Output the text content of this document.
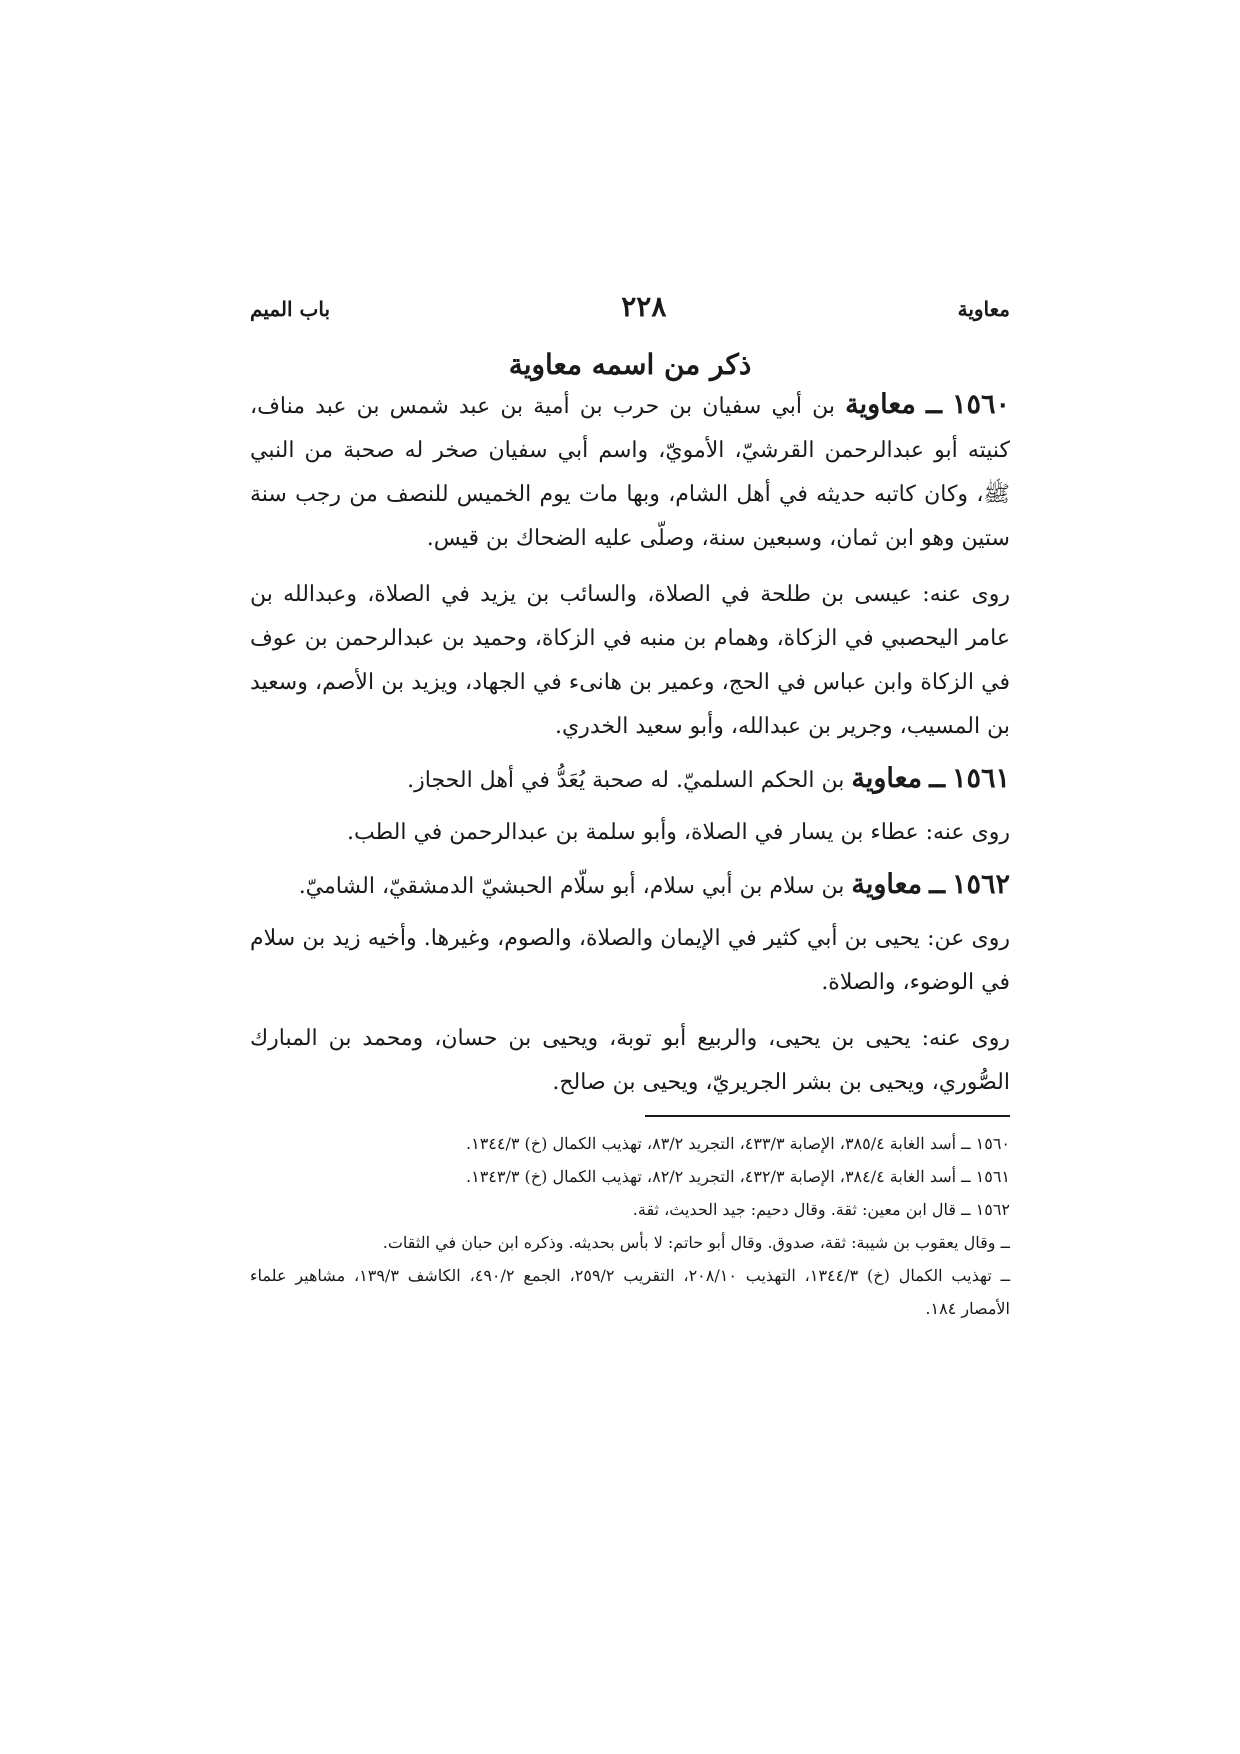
معاوية
٢٢٨
باب الميم
ذكر من اسمه معاوية

١٥٦٠ ــ معاوية بن أبي سفيان بن حرب بن أمية بن عبد شمس بن عبد مناف، كنيته أبو عبدالرحمن القرشيّ، الأمويّ، واسم أبي سفيان صخر له صحبة من النبي ﷺ، وكان كاتبه حديثه في أهل الشام، وبها مات يوم الخميس للنصف من رجب سنة ستين وهو ابن ثمان، وسبعين سنة، وصلّى عليه الضحاك بن قيس.

روى عنه: عيسى بن طلحة في الصلاة، والسائب بن يزيد في الصلاة، وعبدالله بن عامر اليحصبي في الزكاة، وهمام بن منبه في الزكاة، وحميد بن عبدالرحمن بن عوف في الزكاة وابن عباس في الحج، وعمير بن هانىء في الجهاد، ويزيد بن الأصم، وسعيد بن المسيب، وجرير بن عبدالله، وأبو سعيد الخدري.

١٥٦١ ــ معاوية بن الحكم السلميّ. له صحبة يُعَدُّ في أهل الحجاز.

روى عنه: عطاء بن يسار في الصلاة، وأبو سلمة بن عبدالرحمن في الطب.

١٥٦٢ ــ معاوية بن سلام بن أبي سلام، أبو سلّام الحبشيّ الدمشقيّ، الشاميّ.

روى عن: يحيى بن أبي كثير في الإيمان والصلاة، والصوم، وغيرها. وأخيه زيد بن سلام في الوضوء، والصلاة.

روى عنه: يحيى بن يحيى، والربيع أبو توبة، ويحيى بن حسان، ومحمد بن المبارك الصُّوري، ويحيى بن بشر الجريريّ، ويحيى بن صالح.

١٥٦٠ ــ أسد الغابة ٣٨٥/٤، الإصابة ٤٣٣/٣، التجريد ٨٣/٢، تهذيب الكمال (خ) ١٣٤٤/٣.

١٥٦١ ــ أسد الغابة ٣٨٤/٤، الإصابة ٤٣٢/٣، التجريد ٨٢/٢، تهذيب الكمال (خ) ١٣٤٣/٣.

١٥٦٢ ــ قال ابن معين: ثقة. وقال دحيم: جيد الحديث، ثقة.

ــ وقال يعقوب بن شيبة: ثقة، صدوق. وقال أبو حاتم: لا بأس بحديثه. وذكره ابن حبان في الثقات.

ــ تهذيب الكمال (خ) ١٣٤٤/٣، التهذيب ٢٠٨/١٠، التقريب ٢٥٩/٢، الجمع ٤٩٠/٢، الكاشف ١٣٩/٣، مشاهير علماء الأمصار ١٨٤.
